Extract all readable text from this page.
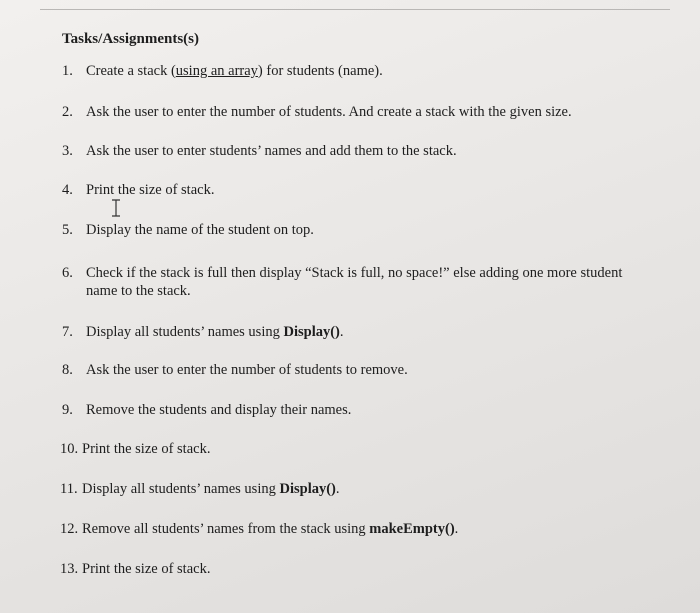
Tasks/Assignments(s)
1. Create a stack (using an array) for students (name).
2. Ask the user to enter the number of students. And create a stack with the given size.
3. Ask the user to enter students’ names and add them to the stack.
4. Print the size of stack.
5. Display the name of the student on top.
6. Check if the stack is full then display “Stack is full, no space!” else adding one more student
name to the stack.
7. Display all students’ names using Display().
8. Ask the user to enter the number of students to remove.
9. Remove the students and display their names.
10. Print the size of stack.
11. Display all students’ names using Display().
12. Remove all students’ names from the stack using makeEmpty().
13. Print the size of stack.
